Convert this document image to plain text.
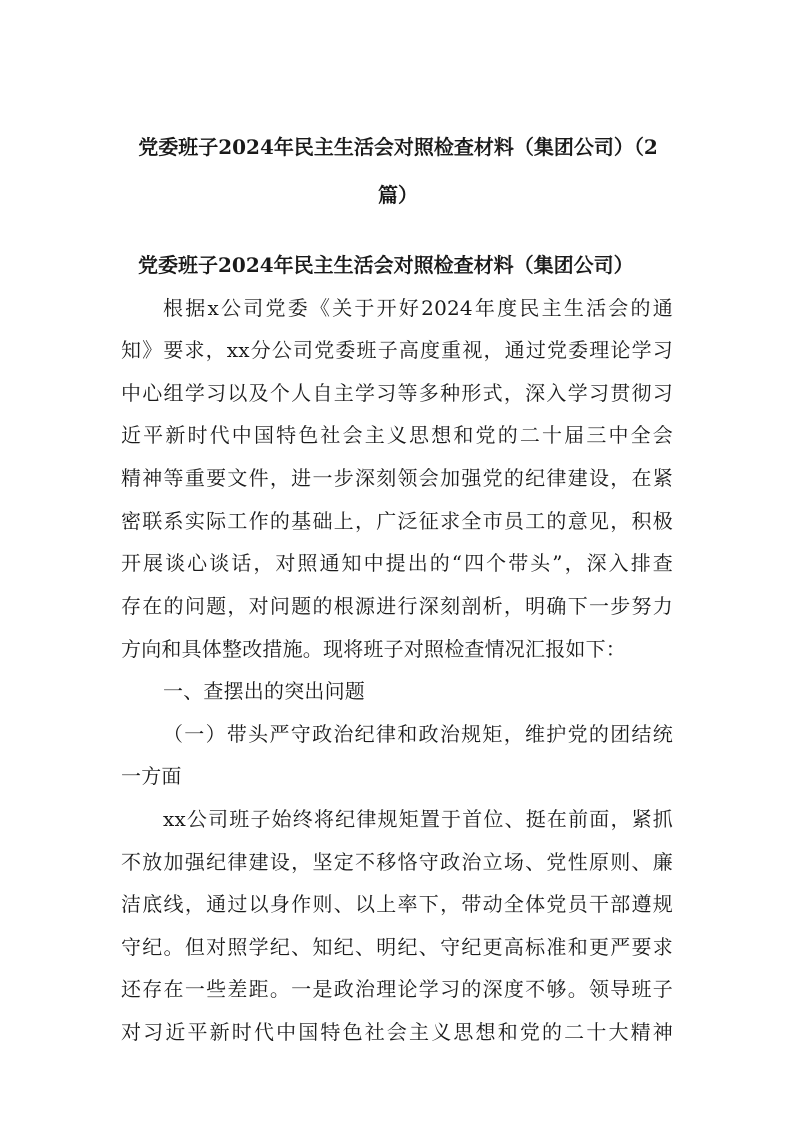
党委班子2024年民主生活会对照检查材料（集团公司）（2
篇）
党委班子2024年民主生活会对照检查材料（集团公司）
根据x公司党委《关于开好2024年度民主生活会的通
知》要求，xx分公司党委班子高度重视，通过党委理论学习
中心组学习以及个人自主学习等多种形式，深入学习贯彻习
近平新时代中国特色社会主义思想和党的二十届三中全会
精神等重要文件，进一步深刻领会加强党的纪律建设，在紧
密联系实际工作的基础上，广泛征求全市员工的意见，积极
开展谈心谈话，对照通知中提出的“四个带头”，深入排查
存在的问题，对问题的根源进行深刻剖析，明确下一步努力
方向和具体整改措施。现将班子对照检查情况汇报如下：
一、查摆出的突出问题
（一）带头严守政治纪律和政治规矩，维护党的团结统
一方面
xx公司班子始终将纪律规矩置于首位、挺在前面，紧抓
不放加强纪律建设，坚定不移恪守政治立场、党性原则、廉
洁底线，通过以身作则、以上率下，带动全体党员干部遵规
守纪。但对照学纪、知纪、明纪、守纪更高标准和更严要求
还存在一些差距。一是政治理论学习的深度不够。领导班子
对习近平新时代中国特色社会主义思想和党的二十大精神
